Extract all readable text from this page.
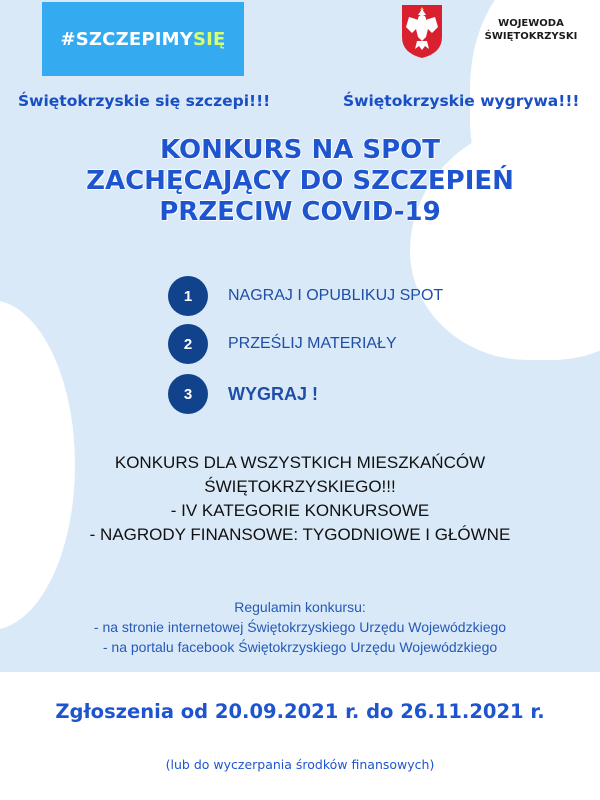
#SZCZEPIMY SIĘ
WOJEWODA
ŚWIĘTOKRZYSKI
Świętokrzyskie się szczepi!!!	Świętokrzyskie wygrywa!!!
KONKURS NA SPOT
ZACHĘCAJĄCY DO SZCZEPIEŃ
PRZECIW COVID-19
1	NAGRAJ I OPUBLIKUJ SPOT
2	PRZEŚLIJ MATERIAŁY
3	WYGRAJ !
KONKURS DLA WSZYSTKICH MIESZKAŃCÓW
ŚWIĘTOKRZYSKIEGO!!!
- IV KATEGORIE KONKURSOWE
- NAGRODY FINANSOWE: TYGODNIOWE I GŁÓWNE
Regulamin konkursu:
- na stronie internetowej Świętokrzyskiego Urzędu Wojewódzkiego
- na portalu facebook Świętokrzyskiego Urzędu Wojewódzkiego
Zgłoszenia od 20.09.2021 r. do 26.11.2021 r.
(lub do wyczerpania środków finansowych)
